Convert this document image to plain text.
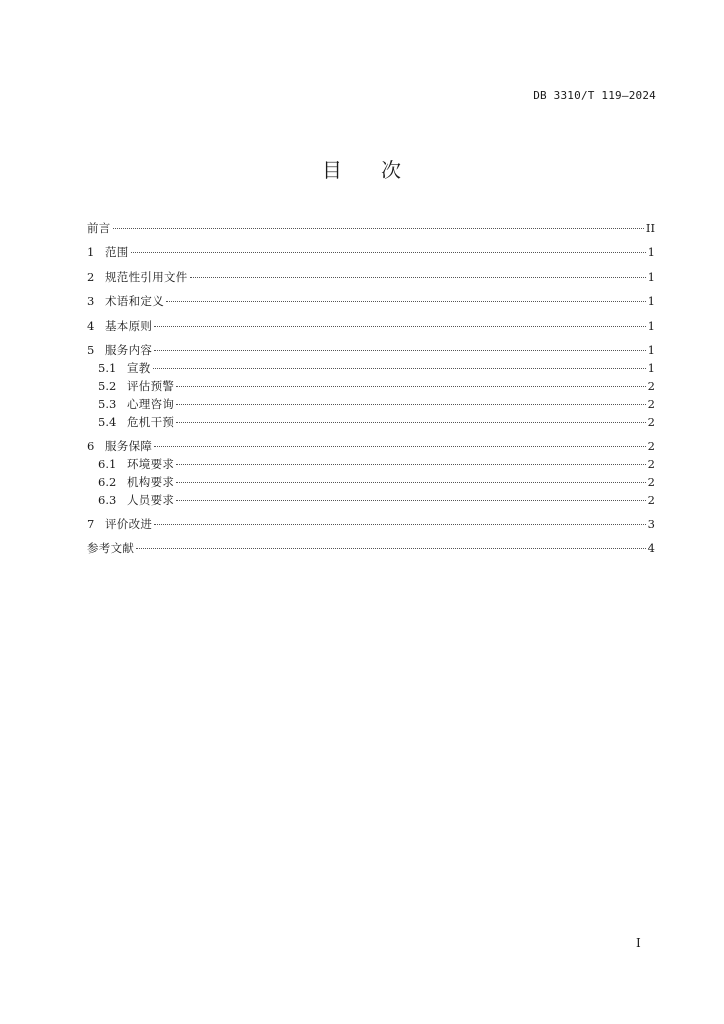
DB 3310/T 119—2024
目 次
前言	II
1 范围	1
2 规范性引用文件	1
3 术语和定义	1
4 基本原则	1
5 服务内容	1
5.1 宣教	1
5.2 评估预警	2
5.3 心理咨询	2
5.4 危机干预	2
6 服务保障	2
6.1 环境要求	2
6.2 机构要求	2
6.3 人员要求	2
7 评价改进	3
参考文献	4
I
